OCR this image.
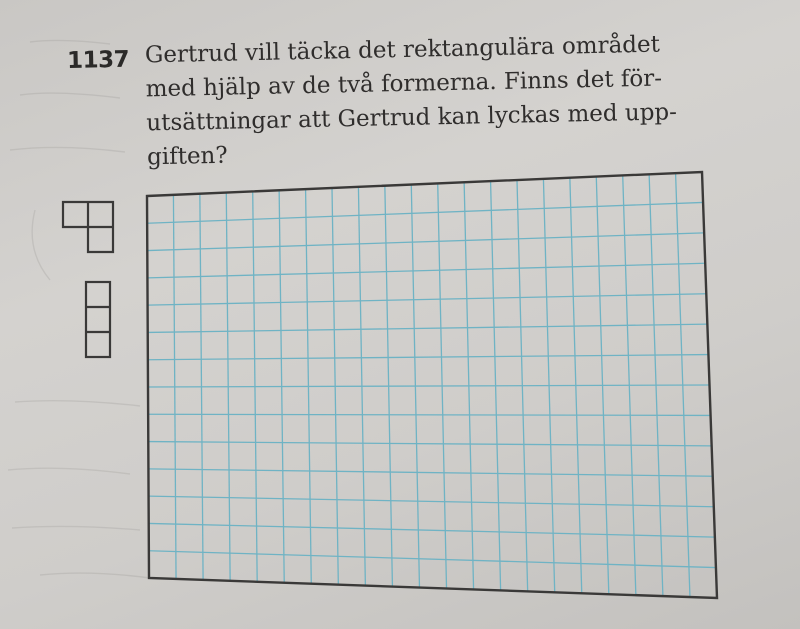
1137 Gertrud vill täcka det rektangulära området
med hjälp av de två formerna. Finns det för-
utsättningar att Gertrud kan lyckas med upp-
giften?
